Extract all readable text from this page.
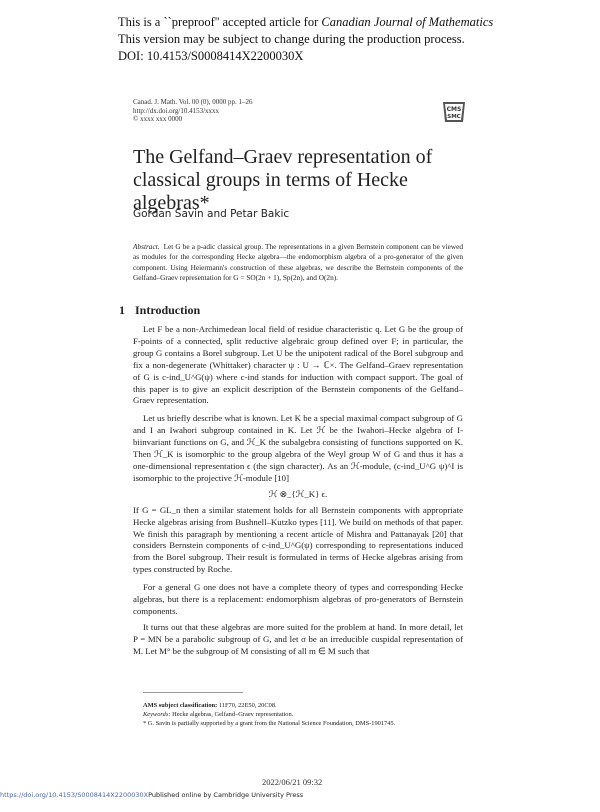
This is a ``preproof'' accepted article for Canadian Journal of Mathematics
This version may be subject to change during the production process.
DOI: 10.4153/S0008414X2200030X
Canad. J. Math. Vol. 00 (0), 0000 pp. 1–26
http://dx.doi.org/10.4153/xxxx
© xxxx xxx 0000
CMS
SMC
The Gelfand–Graev representation of classical groups in terms of Hecke algebras*
Gordan Savin and Petar Bakic
Abstract. Let G be a p-adic classical group. The representations in a given Bernstein component can be viewed as modules for the corresponding Hecke algebra—the endomorphism algebra of a pro-generator of the given component. Using Heiermann's construction of these algebras, we describe the Bernstein components of the Gelfand–Graev representation for G = SO(2n + 1), Sp(2n), and O(2n).
1 Introduction

Let F be a non-Archimedean local field of residue characteristic q. Let G be the group of F-points of a connected, split reductive algebraic group defined over F; in particular, the group G contains a Borel subgroup. Let U be the unipotent radical of the Borel subgroup and fix a non-degenerate (Whittaker) character ψ : U → ℂ×. The Gelfand–Graev representation of G is c-ind_U^G(ψ) where c-ind stands for induction with compact support. The goal of this paper is to give an explicit description of the Bernstein components of the Gelfand–Graev representation.

Let us briefly describe what is known. Let K be a special maximal compact subgroup of G and I an Iwahori subgroup contained in K. Let ℋ be the Iwahori–Hecke algebra of I-biinvariant functions on G, and ℋ_K the subalgebra consisting of functions supported on K. Then ℋ_K is isomorphic to the group algebra of the Weyl group W of G and thus it has a one-dimensional representation ϵ (the sign character). As an ℋ-module, (c-ind_U^G ψ)^I is isomorphic to the projective ℋ-module [10]

ℋ ⊗_{ℋ_K} ϵ.

If G = GL_n then a similar statement holds for all Bernstein components with appropriate Hecke algebras arising from Bushnell–Kutzko types [11]. We build on methods of that paper. We finish this paragraph by mentioning a recent article of Mishra and Pattanayak [20] that considers Bernstein components of c-ind_U^G(ψ) corresponding to representations induced from the Borel subgroup. Their result is formulated in terms of Hecke algebras arising from types constructed by Roche.

For a general G one does not have a complete theory of types and corresponding Hecke algebras, but there is a replacement: endomorphism algebras of pro-generators of Bernstein components.

It turns out that these algebras are more suited for the problem at hand. In more detail, let P = MN be a parabolic subgroup of G, and let σ be an irreducible cuspidal representation of M. Let M° be the subgroup of M consisting of all m ∈ M such that

AMS subject classification: 11F70, 22E50, 20C08.
Keywords: Hecke algebras, Gelfand–Graev representation.
* G. Savin is partially supported by a grant from the National Science Foundation, DMS-1901745.
2022/06/21 09:32
https://doi.org/10.4153/S0008414X2200030XPublished online by Cambridge University Press
